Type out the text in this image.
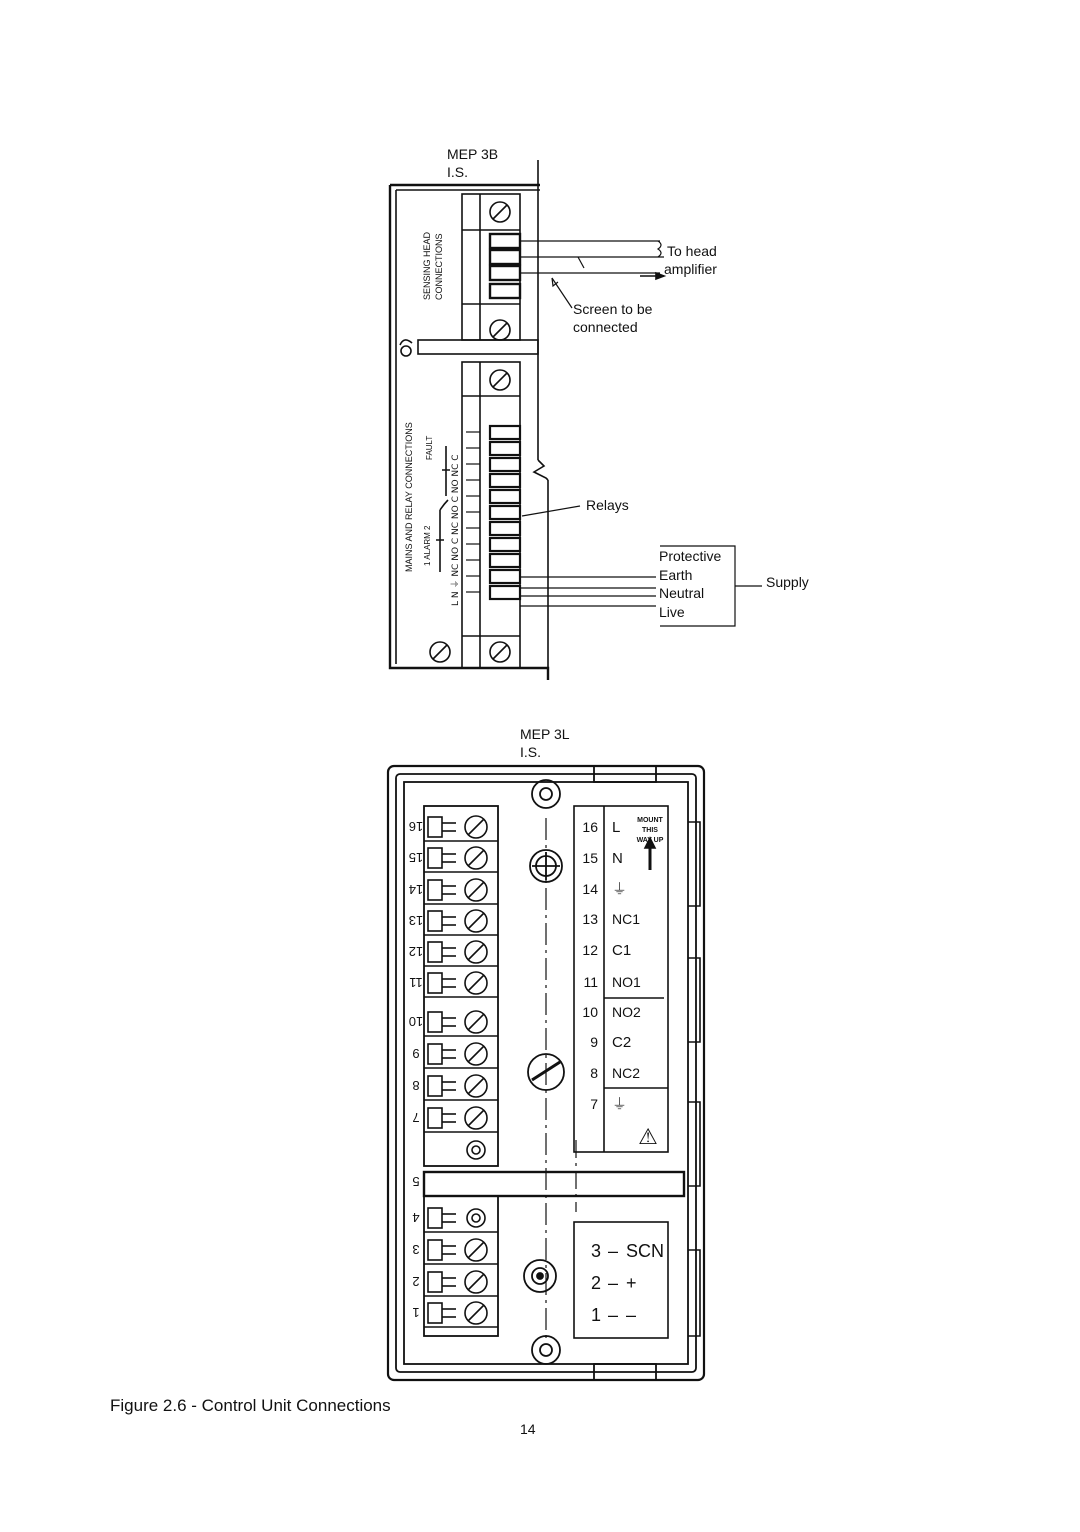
MEP 3B
I.S.
SENSING HEAD CONNECTIONS
MAINS AND RELAY CONNECTIONS 1 ALARM 2
FAULT
L N ⏚ NC NO C NC NO C NO NC C
To head
amplifier
Screen to be
connected
Relays
Protective
Earth
Neutral
Live
Supply
MEP 3L
I.S.
16
15
14
13
12
11
10
9
8
7
5
4
3
2
1
16 L
15 N
14 ⏚
13 NC1
12 C1
11 NO1
10 NO2
9 C2
8 NC2
7 ⏚
MOUNT
THIS
WAY UP
⚠
3 – SCN
2 – +
1 – –
Figure 2.6 - Control Unit Connections
14
